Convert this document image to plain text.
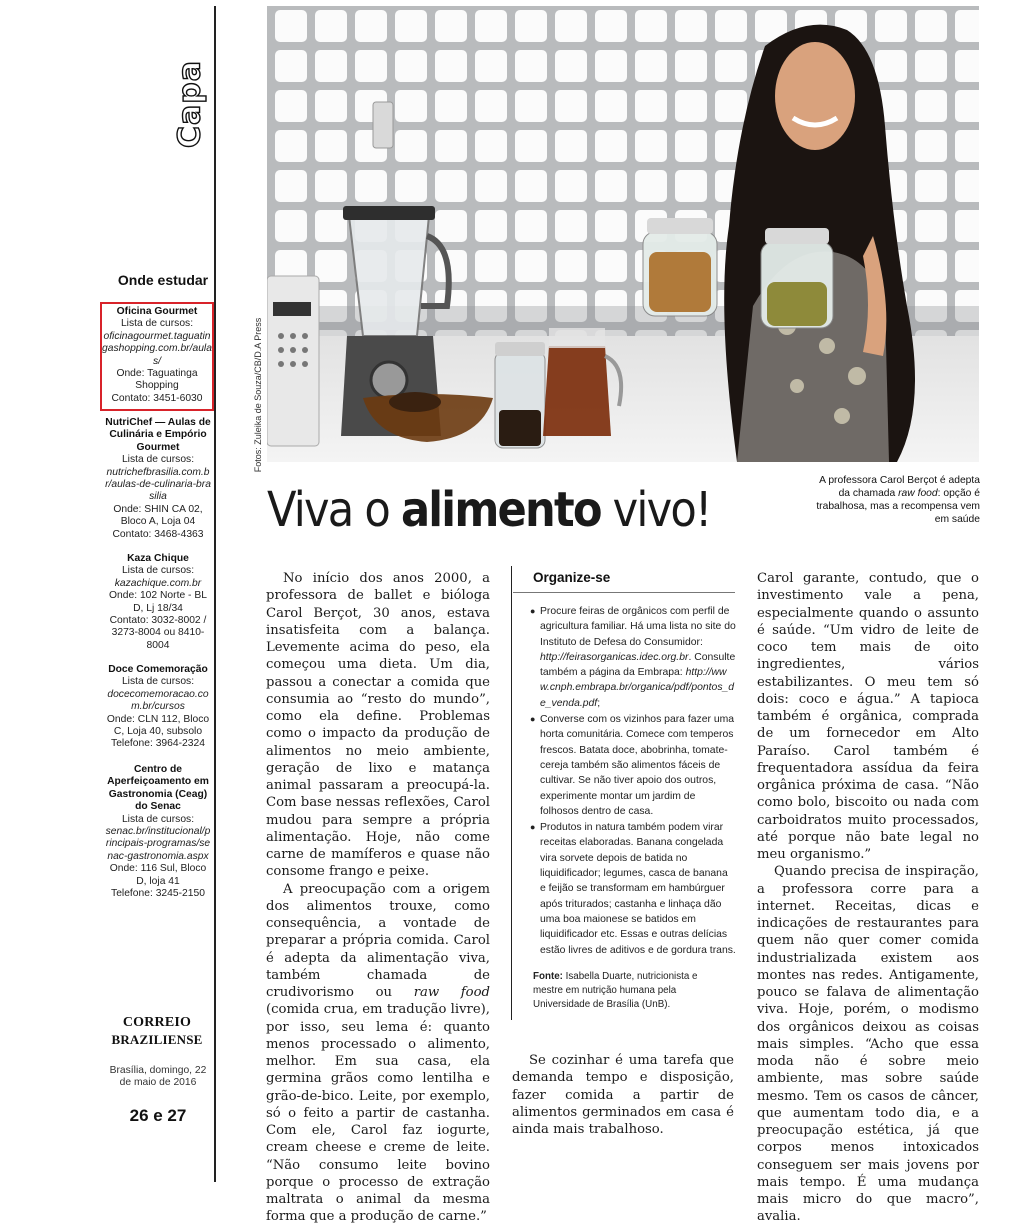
Capa
Onde estudar
Oficina Gourmet
Lista de cursos:
oficinagourmet.taguatingashopping.com.br/aulas/
Onde: Taguatinga Shopping
Contato: 3451-6030
NutriChef — Aulas de Culinária e Empório Gourmet
Lista de cursos:
nutrichefbrasilia.com.br/aulas-de-culinaria-brasilia
Onde: SHIN CA 02, Bloco A, Loja 04
Contato: 3468-4363
Kaza Chique
Lista de cursos:
kazachique.com.br
Onde: 102 Norte - BL D, Lj 18/34
Contato: 3032-8002 / 3273-8004 ou 8410-8004
Doce Comemoração
Lista de cursos:
docecomemoracao.com.br/cursos
Onde: CLN 112, Bloco C, Loja 40, subsolo
Telefone: 3964-2324
Centro de Aperfeiçoamento em Gastronomia (Ceag) do Senac
Lista de cursos:
senac.br/institucional/principais-programas/senac-gastronomia.aspx
Onde: 116 Sul, Bloco D, loja 41
Telefone: 3245-2150
CORREIO
BRAZILIENSE
Brasília, domingo, 22 de maio de 2016
26 e 27
Fotos: Zuleika de Souza/CB/D.A Press
A professora Carol Berçot é adepta da chamada raw food: opção é trabalhosa, mas a recompensa vem em saúde
Viva o alimento vivo!

No início dos anos 2000, a professora de ballet e bióloga Carol Berçot, 30 anos, estava insatisfeita com a balança. Levemente acima do peso, ela começou uma dieta. Um dia, passou a conectar a comida que consumia ao “resto do mundo”, como ela define. Problemas como o impacto da produção de alimentos no meio ambiente, geração de lixo e matança animal passaram a preocupá-la. Com base nessas reflexões, Carol mudou para sempre a própria alimentação. Hoje, não come carne de mamíferos e quase não consome frango e peixe.

A preocupação com a origem dos alimentos trouxe, como consequência, a vontade de preparar a própria comida. Carol é adepta da alimentação viva, também chamada de crudivorismo ou raw food (comida crua, em tradução livre), por isso, seu lema é: quanto menos processado o alimento, melhor. Em sua casa, ela germina grãos como lentilha e grão-de-bico. Leite, por exemplo, só o feito a partir de castanha. Com ele, Carol faz iogurte, cream cheese e creme de leite. “Não consumo leite bovino porque o processo de extração maltrata o animal da mesma forma que a produção de carne.”

Organize-se
● Procure feiras de orgânicos com perfil de agricultura familiar. Há uma lista no site do Instituto de Defesa do Consumidor: http://feirasorganicas.idec.org.br. Consulte também a página da Embrapa: http://www.cnph.embrapa.br/organica/pdf/pontos_de_venda.pdf;
● Converse com os vizinhos para fazer uma horta comunitária. Comece com temperos frescos. Batata doce, abobrinha, tomate-cereja também são alimentos fáceis de cultivar. Se não tiver apoio dos outros, experimente montar um jardim de folhosos dentro de casa.
● Produtos in natura também podem virar receitas elaboradas. Banana congelada vira sorvete depois de batida no liquidificador; legumes, casca de banana e feijão se transformam em hambúrguer após triturados; castanha e linhaça dão uma boa maionese se batidos em liquidificador etc. Essas e outras delícias estão livres de aditivos e de gordura trans.
Fonte: Isabella Duarte, nutricionista e mestre em nutrição humana pela Universidade de Brasília (UnB).

Se cozinhar é uma tarefa que demanda tempo e disposição, fazer comida a partir de alimentos germinados em casa é ainda mais trabalhoso.

Carol garante, contudo, que o investimento vale a pena, especialmente quando o assunto é saúde. “Um vidro de leite de coco tem mais de oito ingredientes, vários estabilizantes. O meu tem só dois: coco e água.” A tapioca também é orgânica, comprada de um fornecedor em Alto Paraíso. Carol também é frequentadora assídua da feira orgânica próxima de casa. “Não como bolo, biscoito ou nada com carboidratos muito processados, até porque não bate legal no meu organismo.”

Quando precisa de inspiração, a professora corre para a internet. Receitas, dicas e indicações de restaurantes para quem não quer comer comida industrializada existem aos montes nas redes. Antigamente, pouco se falava de alimentação viva. Hoje, porém, o modismo dos orgânicos deixou as coisas mais simples. “Acho que essa moda não é sobre meio ambiente, mas sobre saúde mesmo. Tem os casos de câncer, que aumentam todo dia, e a preocupação estética, já que corpos menos intoxicados conseguem ser mais jovens por mais tempo. É uma mudança mais micro do que macro”, avalia.
